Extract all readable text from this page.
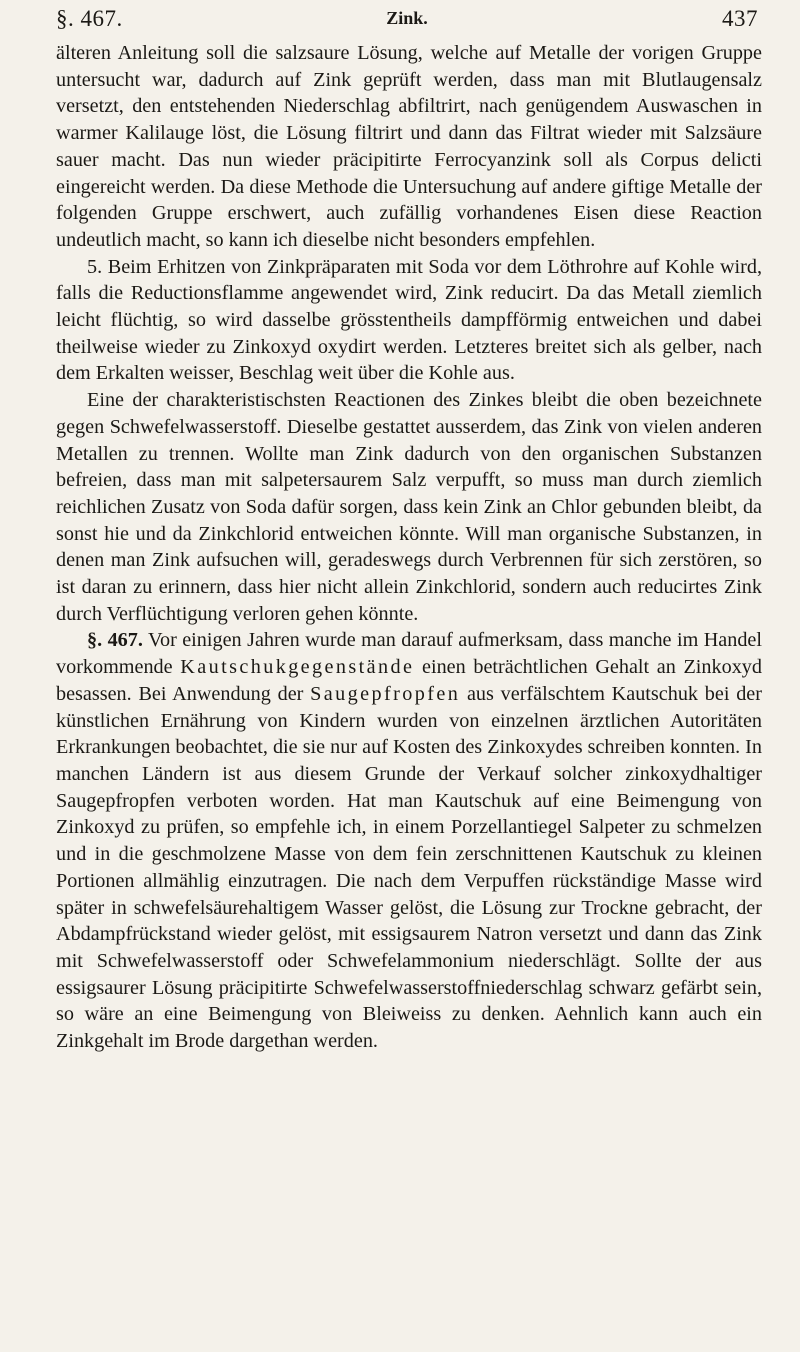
§. 467.	Zink.	437

älteren Anleitung soll die salzsaure Lösung, welche auf Metalle der vorigen Gruppe untersucht war, dadurch auf Zink geprüft werden, dass man mit Blutlaugensalz versetzt, den entstehenden Niederschlag abfiltrirt, nach genügendem Auswaschen in warmer Kalilauge löst, die Lösung filtrirt und dann das Filtrat wieder mit Salzsäure sauer macht. Das nun wieder präcipitirte Ferrocyanzink soll als Corpus delicti eingereicht werden. Da diese Methode die Untersuchung auf andere giftige Metalle der folgenden Gruppe erschwert, auch zufällig vorhandenes Eisen diese Reaction undeutlich macht, so kann ich dieselbe nicht besonders empfehlen.

5. Beim Erhitzen von Zinkpräparaten mit Soda vor dem Löthrohre auf Kohle wird, falls die Reductionsflamme angewendet wird, Zink reducirt. Da das Metall ziemlich leicht flüchtig, so wird dasselbe grösstentheils dampfförmig entweichen und dabei theilweise wieder zu Zinkoxyd oxydirt werden. Letzteres breitet sich als gelber, nach dem Erkalten weisser, Beschlag weit über die Kohle aus.

Eine der charakteristischsten Reactionen des Zinkes bleibt die oben bezeichnete gegen Schwefelwasserstoff. Dieselbe gestattet ausserdem, das Zink von vielen anderen Metallen zu trennen. Wollte man Zink dadurch von den organischen Substanzen befreien, dass man mit salpetersaurem Salz verpufft, so muss man durch ziemlich reichlichen Zusatz von Soda dafür sorgen, dass kein Zink an Chlor gebunden bleibt, da sonst hie und da Zinkchlorid entweichen könnte. Will man organische Substanzen, in denen man Zink aufsuchen will, geradeswegs durch Verbrennen für sich zerstören, so ist daran zu erinnern, dass hier nicht allein Zinkchlorid, sondern auch reducirtes Zink durch Verflüchtigung verloren gehen könnte.

§. 467. Vor einigen Jahren wurde man darauf aufmerksam, dass manche im Handel vorkommende Kautschukgegenstände einen beträchtlichen Gehalt an Zinkoxyd besassen. Bei Anwendung der Saugepfropfen aus verfälschtem Kautschuk bei der künstlichen Ernährung von Kindern wurden von einzelnen ärztlichen Autoritäten Erkrankungen beobachtet, die sie nur auf Kosten des Zinkoxydes schreiben konnten. In manchen Ländern ist aus diesem Grunde der Verkauf solcher zinkoxydhaltiger Saugepfropfen verboten worden. Hat man Kautschuk auf eine Beimengung von Zinkoxyd zu prüfen, so empfehle ich, in einem Porzellantiegel Salpeter zu schmelzen und in die geschmolzene Masse von dem fein zerschnittenen Kautschuk zu kleinen Portionen allmählig einzutragen. Die nach dem Verpuffen rückständige Masse wird später in schwefelsäurehaltigem Wasser gelöst, die Lösung zur Trockne gebracht, der Abdampfrückstand wieder gelöst, mit essigsaurem Natron versetzt und dann das Zink mit Schwefelwasserstoff oder Schwefelammonium niederschlägt. Sollte der aus essigsaurer Lösung präcipitirte Schwefelwasserstoffniederschlag schwarz gefärbt sein, so wäre an eine Beimengung von Bleiweiss zu denken. Aehnlich kann auch ein Zinkgehalt im Brode dargethan werden.
